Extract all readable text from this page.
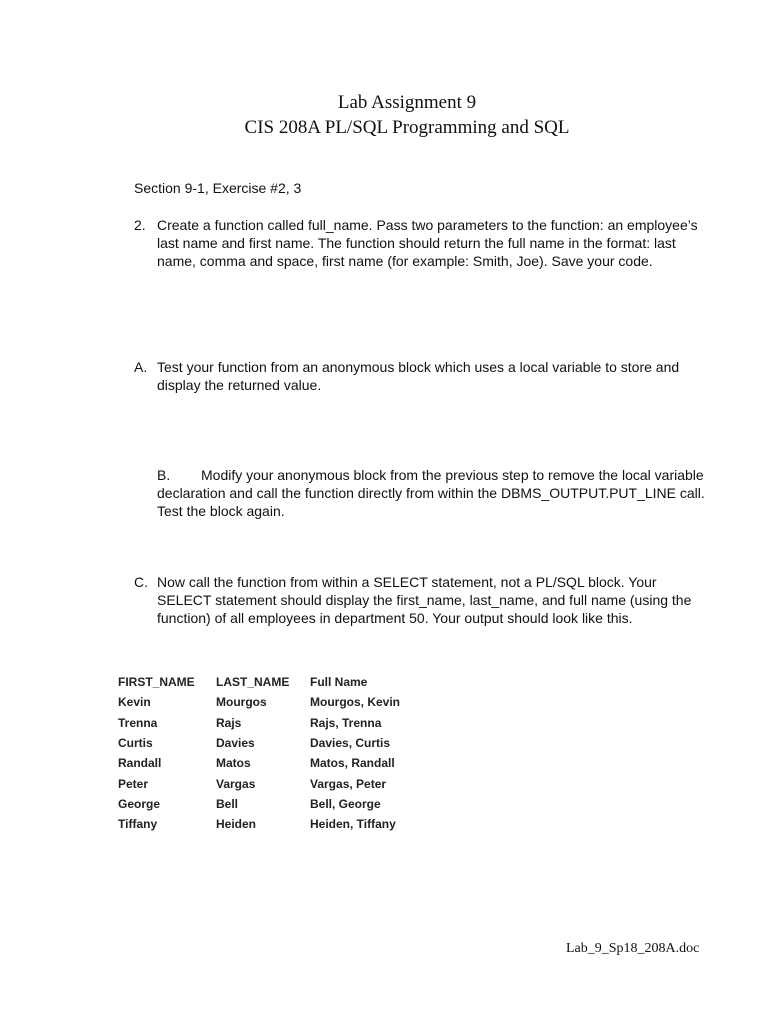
Lab Assignment 9
CIS 208A PL/SQL Programming and SQL
Section 9-1, Exercise #2, 3
2. Create a function called full_name. Pass two parameters to the function: an employee’s last name and first name. The function should return the full name in the format: last name, comma and space, first name (for example: Smith, Joe). Save your code.
A. Test your function from an anonymous block which uses a local variable to store and display the returned value.
B. Modify your anonymous block from the previous step to remove the local variable declaration and call the function directly from within the DBMS_OUTPUT.PUT_LINE call. Test the block again.
C. Now call the function from within a SELECT statement, not a PL/SQL block. Your SELECT statement should display the first_name, last_name, and full name (using the function) of all employees in department 50. Your output should look like this.
FIRST_NAME	LAST_NAME	Full Name
Kevin	Mourgos	Mourgos, Kevin
Trenna	Rajs	Rajs, Trenna
Curtis	Davies	Davies, Curtis
Randall	Matos	Matos, Randall
Peter	Vargas	Vargas, Peter
George	Bell	Bell, George
Tiffany	Heiden	Heiden, Tiffany
Lab_9_Sp18_208A.doc
